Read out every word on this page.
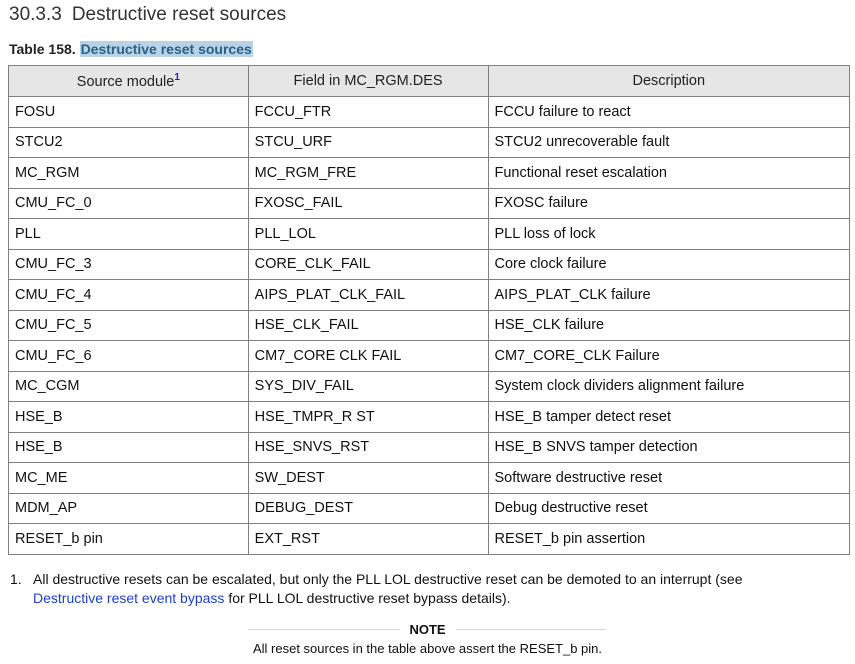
30.3.3 Destructive reset sources
Table 158. Destructive reset sources
Source module$^1$	Field in MC_RGM.DES	Description
FOSU	FCCU_FTR	FCCU failure to react
STCU2	STCU_URF	STCU2 unrecoverable fault
MC_RGM	MC_RGM_FRE	Functional reset escalation
CMU_FC_0	FXOSC_FAIL	FXOSC failure
PLL	PLL_LOL	PLL loss of lock
CMU_FC_3	CORE_CLK_FAIL	Core clock failure
CMU_FC_4	AIPS_PLAT_CLK_FAIL	AIPS_PLAT_CLK failure
CMU_FC_5	HSE_CLK_FAIL	HSE_CLK failure
CMU_FC_6	CM7_CORE CLK FAIL	CM7_CORE_CLK Failure
MC_CGM	SYS_DIV_FAIL	System clock dividers alignment failure
HSE_B	HSE_TMPR_R ST	HSE_B tamper detect reset
HSE_B	HSE_SNVS_RST	HSE_B SNVS tamper detection
MC_ME	SW_DEST	Software destructive reset
MDM_AP	DEBUG_DEST	Debug destructive reset
RESET_b pin	EXT_RST	RESET_b pin assertion
1. All destructive resets can be escalated, but only the PLL LOL destructive reset can be demoted to an interrupt (see
Destructive reset event bypass for PLL LOL destructive reset bypass details).
NOTE
All reset sources in the table above assert the RESET_b pin.
